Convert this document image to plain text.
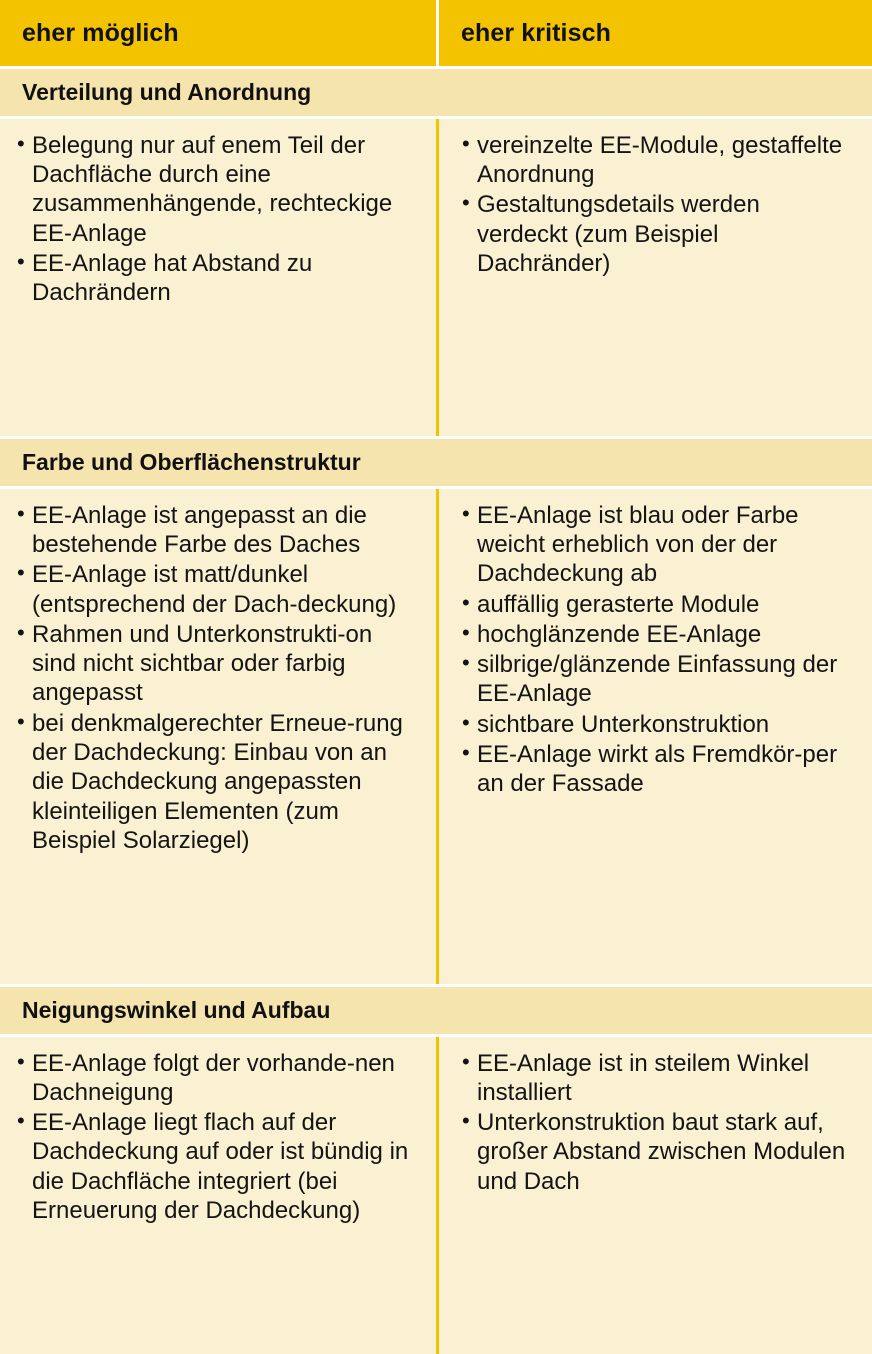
eher möglich	eher kritisch
Verteilung und Anordnung
• Belegung nur auf enem Teil der Dachfläche durch eine zusammenhängende, rechteckige EE-Anlage
• EE-Anlage hat Abstand zu Dachrändern
• vereinzelte EE-Module, gestaffelte Anordnung
• Gestaltungsdetails werden verdeckt (zum Beispiel Dachränder)
Farbe und Oberflächenstruktur
• EE-Anlage ist angepasst an die bestehende Farbe des Daches
• EE-Anlage ist matt/dunkel (entsprechend der Dach-deckung)
• Rahmen und Unterkonstrukti-on sind nicht sichtbar oder farbig angepasst
• bei denkmalgerechter Erneue-rung der Dachdeckung: Einbau von an die Dachdeckung angepassten kleinteiligen Elementen (zum Beispiel Solarziegel)
• EE-Anlage ist blau oder Farbe weicht erheblich von der der Dachdeckung ab
• auffällig gerasterte Module
• hochglänzende EE-Anlage
• silbrige/glänzende Einfassung der EE-Anlage
• sichtbare Unterkonstruktion
• EE-Anlage wirkt als Fremdkör-per an der Fassade
Neigungswinkel und Aufbau
• EE-Anlage folgt der vorhande-nen Dachneigung
• EE-Anlage liegt flach auf der Dachdeckung auf oder ist bündig in die Dachfläche integriert (bei Erneuerung der Dachdeckung)
• EE-Anlage ist in steilem Winkel installiert
• Unterkonstruktion baut stark auf, großer Abstand zwischen Modulen und Dach
